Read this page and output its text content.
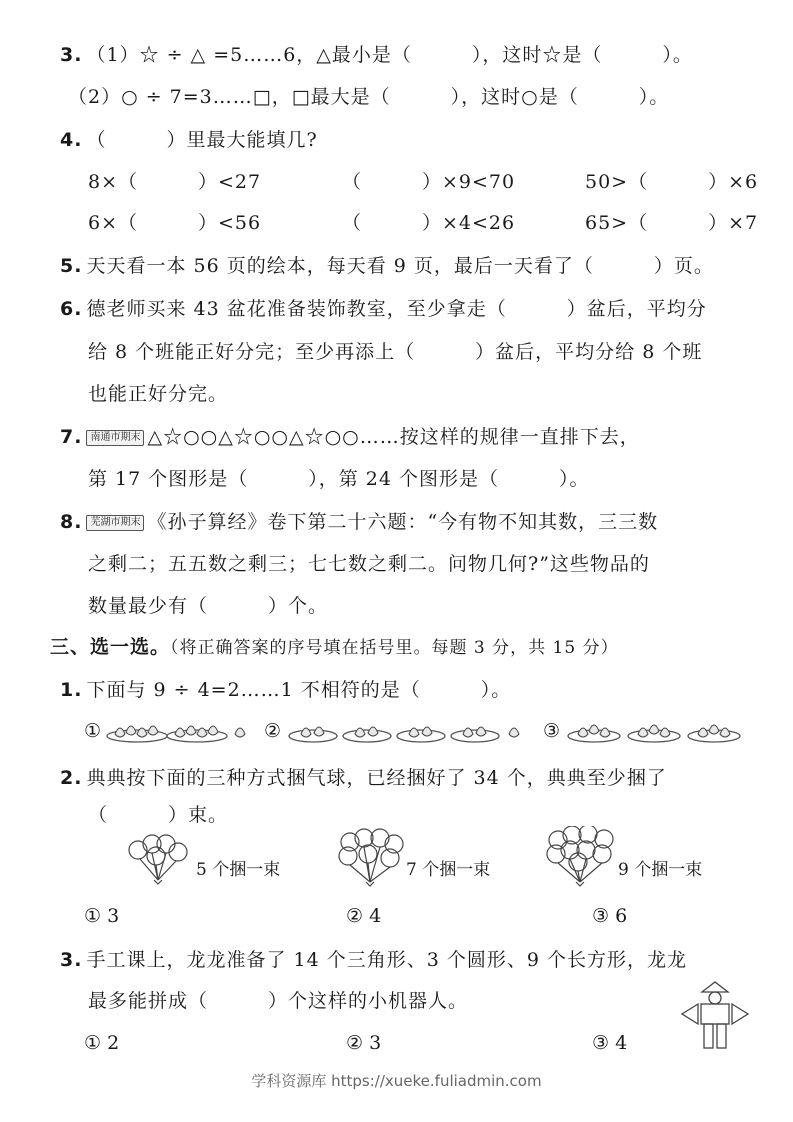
3. （1）☆ ÷ △ =5……6，△最小是（　　　），这时☆是（　　　）。
（2）○ ÷ 7=3……□，□最大是（　　　），这时○是（　　　）。
4. （　　　）里最大能填几?
8×（　　　）<27	（　　　）×9<70	50>（　　　）×6
6×（　　　）<56	（　　　）×4<26	65>（　　　）×7
5. 天天看一本 56 页的绘本，每天看 9 页，最后一天看了（　　　）页。
6. 德老师买来 43 盆花准备装饰教室，至少拿走（　　　）盆后，平均分
给 8 个班能正好分完；至少再添上（　　　）盆后，平均分给 8 个班
也能正好分完。
7. 南通市期末 △☆○○△☆○○△☆○○……按这样的规律一直排下去，
第 17 个图形是（　　　），第 24 个图形是（　　　）。
8. 芜湖市期末 《孙子算经》卷下第二十六题：“今有物不知其数，三三数
之剩二；五五数之剩三；七七数之剩二。问物几何?”这些物品的
数量最少有（　　　）个。
三、选一选。（将正确答案的序号填在括号里。每题 3 分，共 15 分）
1. 下面与 9 ÷ 4=2……1 不相符的是（　　　）。
①	②	③
2. 典典按下面的三种方式捆气球，已经捆好了 34 个，典典至少捆了
（　　　）束。
5 个捆一束	7 个捆一束	9 个捆一束
① 3	② 4	③ 6
3. 手工课上，龙龙准备了 14 个三角形、3 个圆形、9 个长方形，龙龙
最多能拼成（　　　）个这样的小机器人。
① 2	② 3	③ 4
学科资源库 https://xueke.fuliadmin.com
